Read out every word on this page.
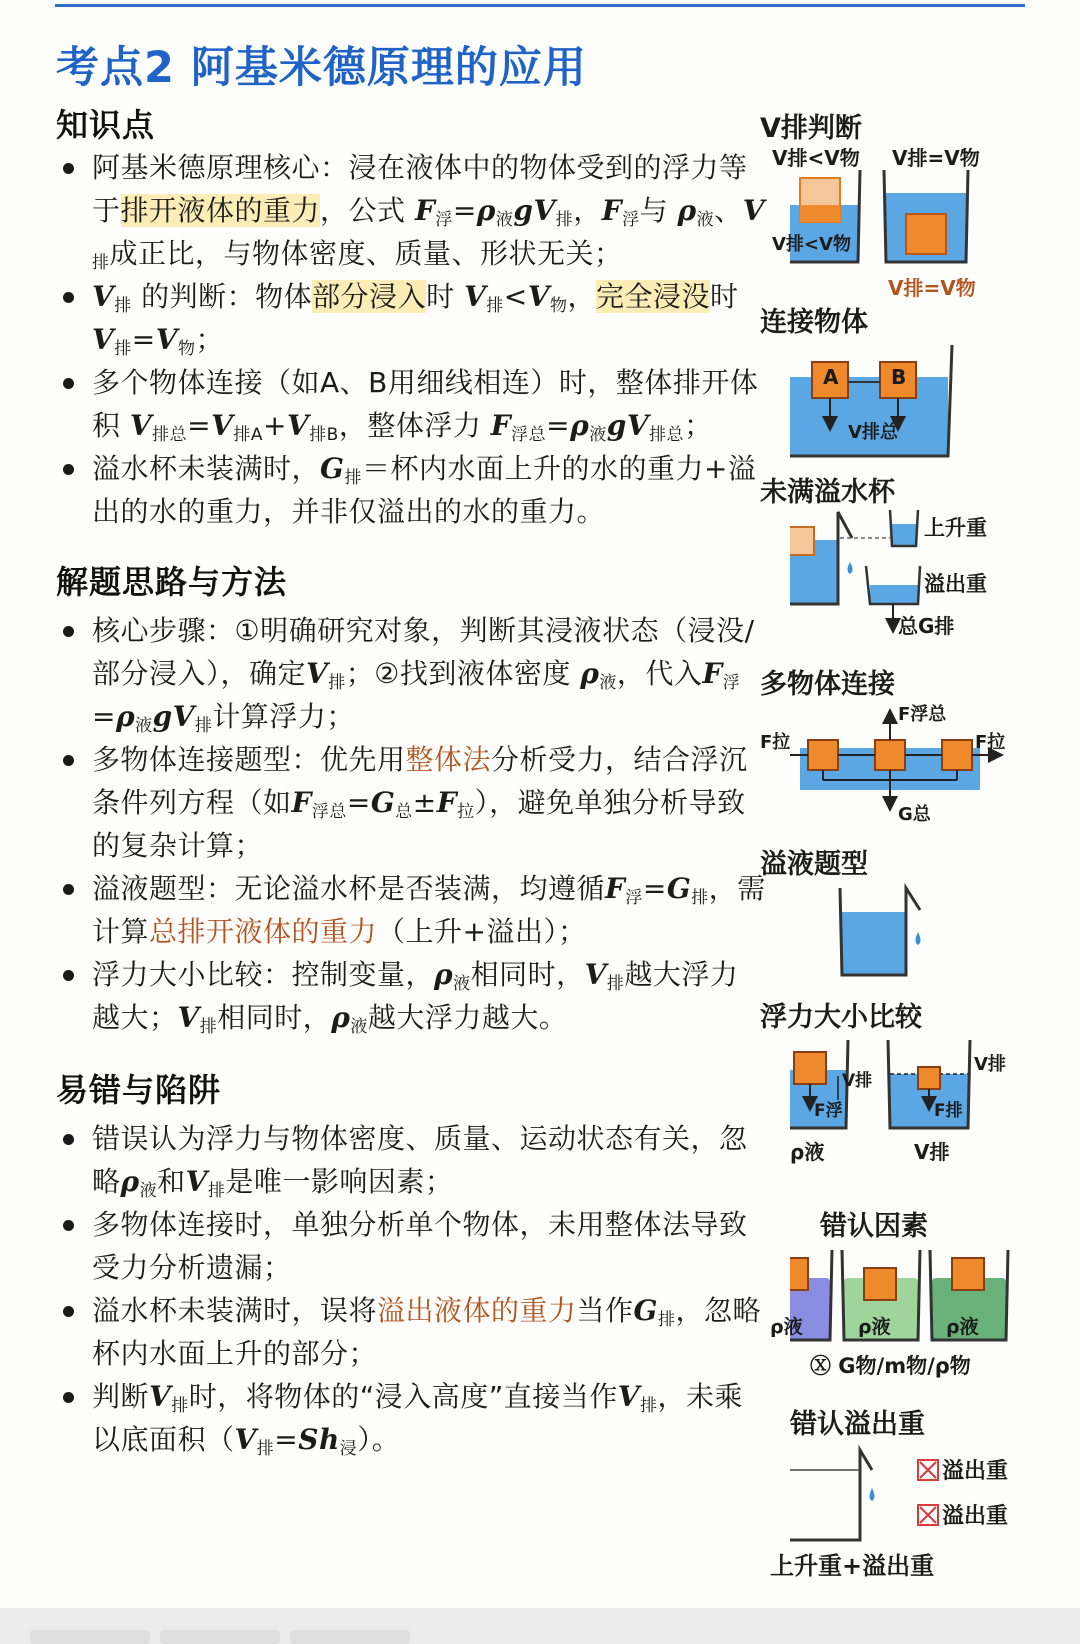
考点2 阿基米德原理的应用
知识点
阿基米德原理核心：浸在液体中的物体受到的浮力等于排开液体的重力，公式 $F_浮=\rho_液gV_排$，$F_浮$与 $\rho_液$、$V_排$成正比，与物体密度、质量、形状无关；
$V_排$ 的判断：物体部分浸入时 $V_排<V_物$，完全浸没时 $V_排=V_物$；
多个物体连接（如A、B用细线相连）时，整体排开体积 $V_{排总}=V_{排A}+V_{排B}$，整体浮力 $F_{浮总}=\rho_液gV_{排总}$；
溢水杯未装满时，$G_排=$杯内水面上升的水的重力+溢出的水的重力，并非仅溢出的水的重力。
解题思路与方法
核心步骤：①明确研究对象，判断其浸液状态（浸没/部分浸入），确定$V_排$；②找到液体密度 $\rho_液$，代入$F_浮=\rho_液gV_排$计算浮力；
多物体连接题型：优先用整体法分析受力，结合浮沉条件列方程（如$F_{浮总}=G_总\pm F_拉$），避免单独分析导致的复杂计算；
溢液题型：无论溢水杯是否装满，均遵循$F_浮=G_排$，需计算总排开液体的重力（上升+溢出）；
浮力大小比较：控制变量，$\rho_液$相同时，$V_排$越大浮力越大；$V_排$相同时，$\rho_液$越大浮力越大。
易错与陷阱
错误认为浮力与物体密度、质量、运动状态有关，忽略$\rho_液$和$V_排$是唯一影响因素；
多物体连接时，单独分析单个物体，未用整体法导致受力分析遗漏；
溢水杯未装满时，误将溢出液体的重力当作$G_排$，忽略杯内水面上升的部分；
判断$V_排$时，将物体的“浸入高度”直接当作$V_排$，未乘以底面积$(V_排=Sh_浸)$。
V排判断
V排<V物
V排<V物
V排=V物
V排=V物
连接物体
A	B
V排总
未满溢水杯
上升重
溢出重
总G排
多物体连接
F浮总
F拉	F拉
G总
溢液题型
浮力大小比较
V排
F浮
ρ液
V排
F排
V排
错认因素
ρ液	ρ液	ρ液
Ⓧ G物/m物/ρ物
错认溢出重
溢出重
溢出重
上升重+溢出重
